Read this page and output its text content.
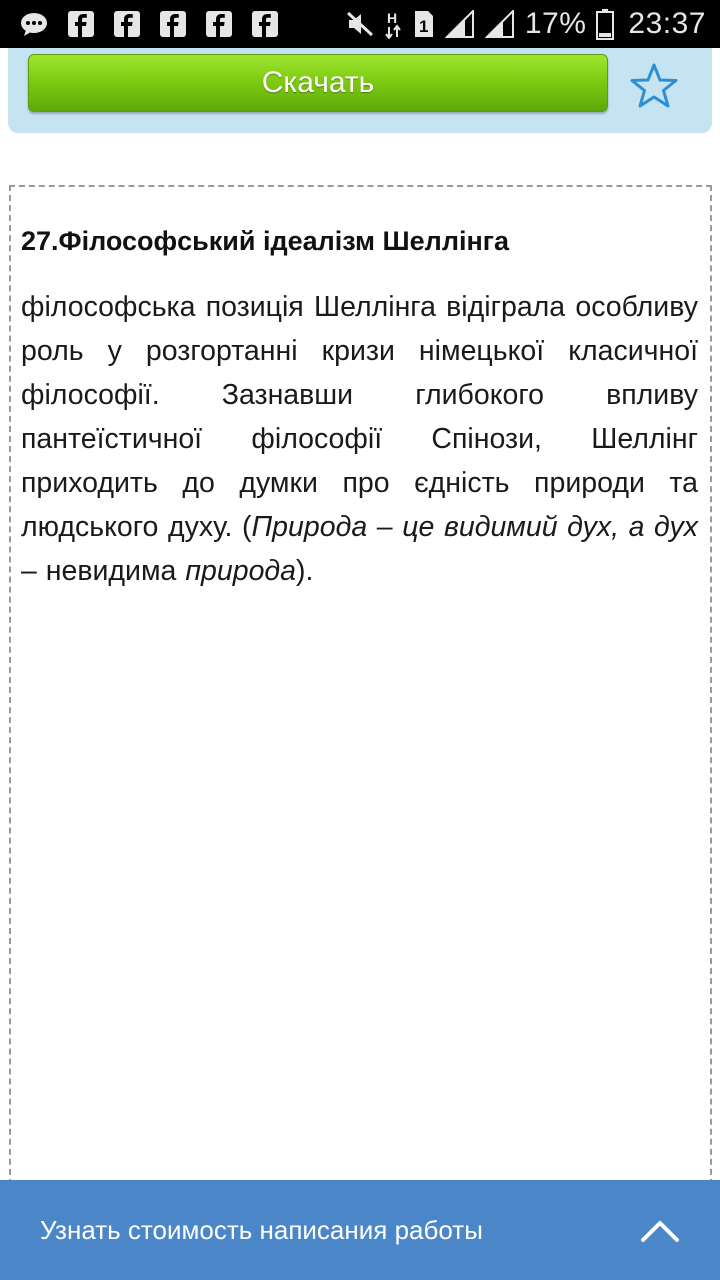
H 1	17% 23:37
Скачать
27.Філософський ідеалізм Шеллінга

філософська позиція Шеллінга відіграла особливу роль у розгортанні кризи німецької класичної філософії. Зазнавши глибокого впливу пантеїстичної філософії Спінози, Шеллінг приходить до думки про єдність природи та людського духу. (Природа – це видимий дух, а дух – невидима природа).

Узнать стоимость написания работы
